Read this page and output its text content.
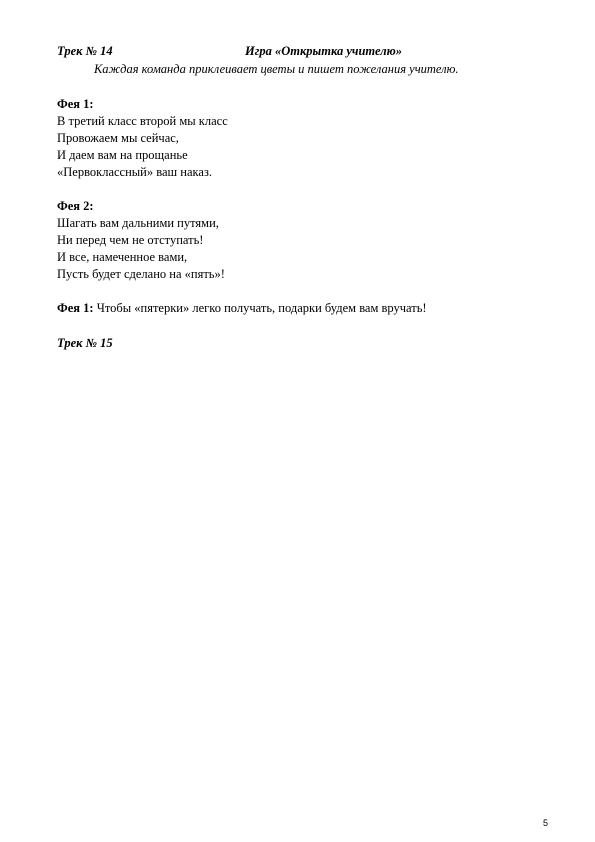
Трек № 14	Игра «Открытка учителю»
Каждая команда приклеивает цветы и пишет пожелания учителю.
Фея 1:
В третий класс второй мы класс
Провожаем мы сейчас,
И даем вам на прощанье
«Первоклассный» ваш наказ.
Фея 2:
Шагать вам дальними путями,
Ни перед чем не отступать!
И все, намеченное вами,
Пусть будет сделано на «пять»!
Фея 1: Чтобы «пятерки» легко получать, подарки будем вам вручать!
Трек № 15
5
